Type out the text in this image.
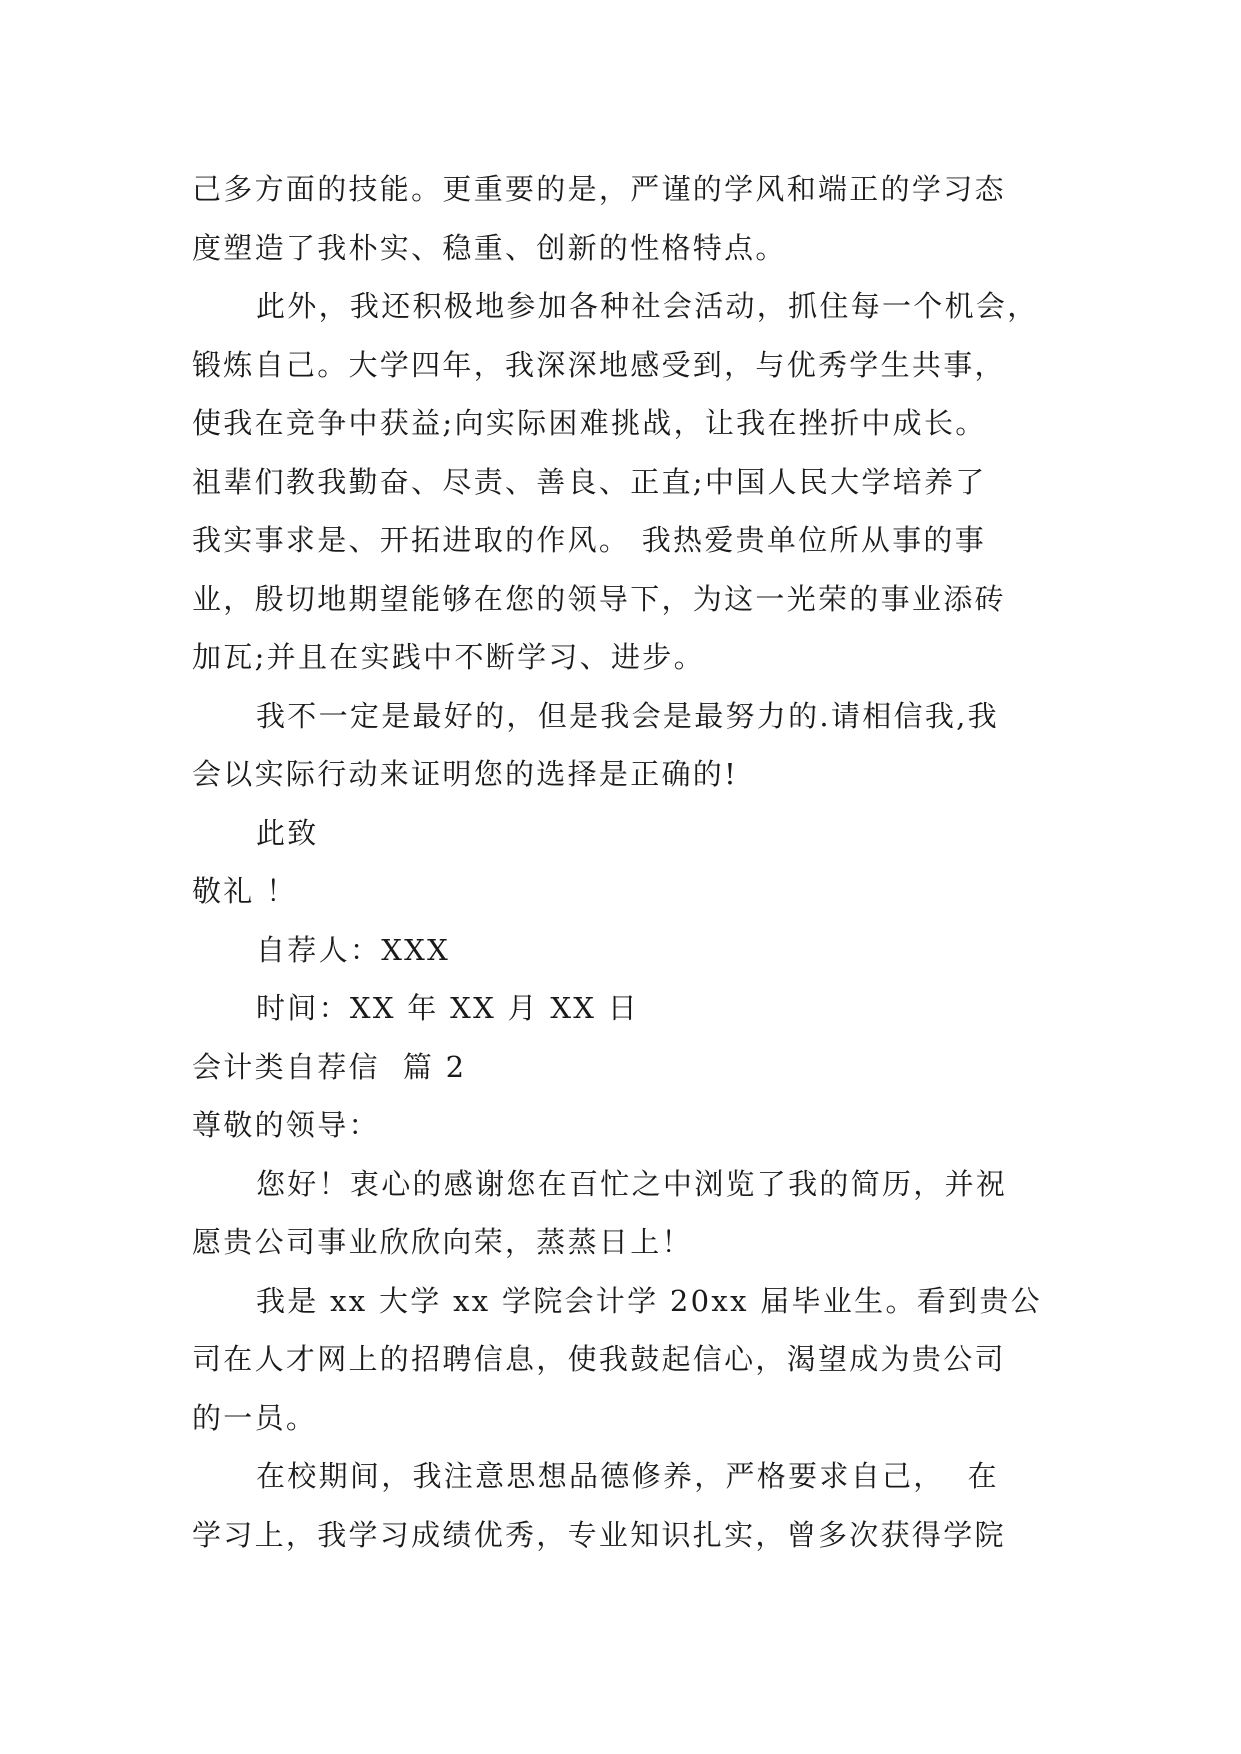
己多方面的技能。更重要的是，严谨的学风和端正的学习态
度塑造了我朴实、稳重、创新的性格特点。
此外，我还积极地参加各种社会活动，抓住每一个机会，
锻炼自己。大学四年，我深深地感受到，与优秀学生共事，
使我在竞争中获益;向实际困难挑战，让我在挫折中成长。
祖辈们教我勤奋、尽责、善良、正直;中国人民大学培养了
我实事求是、开拓进取的作风。 我热爱贵单位所从事的事
业，殷切地期望能够在您的领导下，为这一光荣的事业添砖
加瓦;并且在实践中不断学习、进步。
我不一定是最好的，但是我会是最努力的.请相信我,我
会以实际行动来证明您的选择是正确的!
此致
敬礼 ！
自荐人：XXX
时间：XX 年 XX 月 XX 日
会计类自荐信  篇 2
尊敬的领导：
您好！衷心的感谢您在百忙之中浏览了我的简历，并祝
愿贵公司事业欣欣向荣，蒸蒸日上！
我是 xx 大学 xx 学院会计学 20xx 届毕业生。看到贵公
司在人才网上的招聘信息，使我鼓起信心，渴望成为贵公司
的一员。
在校期间，我注意思想品德修养，严格要求自己，  在
学习上，我学习成绩优秀，专业知识扎实，曾多次获得学院
